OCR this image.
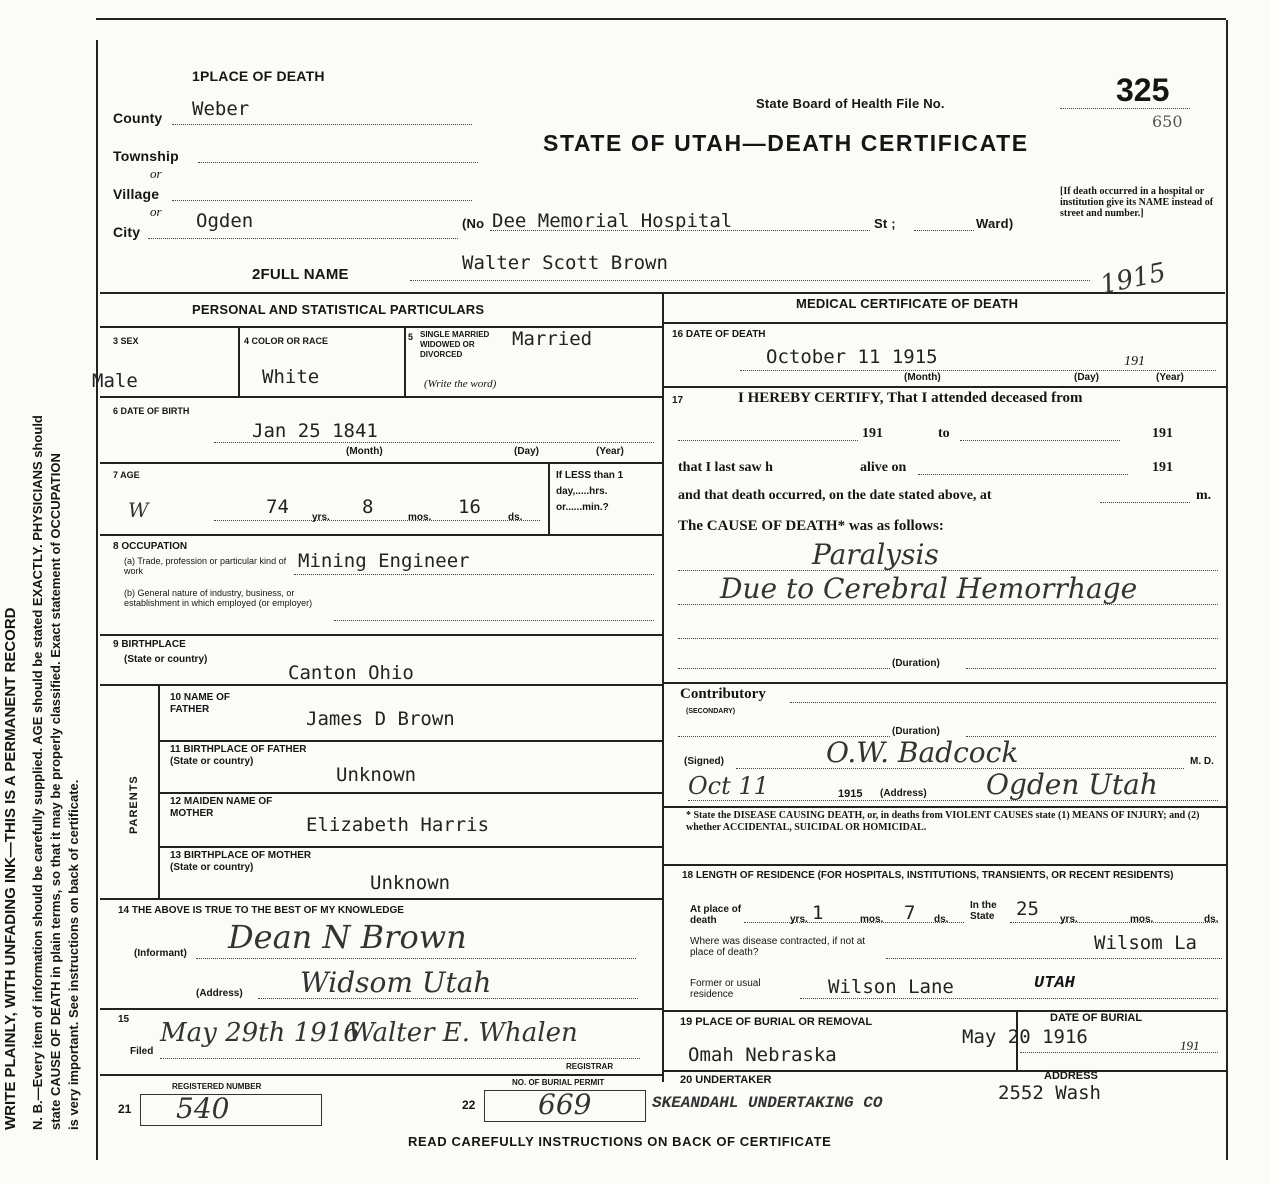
N. B.—Every item of information should be carefully supplied. AGE should be stated EXACTLY. PHYSICIANS should state CAUSE OF DEATH in plain terms, so that it may be properly classified. Exact statement of OCCUPATION is very important. See instructions on back of certificate.
WRITE PLAINLY, WITH UNFADING INK—THIS IS A PERMANENT RECORD
1PLACE OF DEATH
County Weber
Township
or
Village
or
City	Ogden	(No Dee Memorial Hospital	St ;	Ward)
State Board of Health File No.	325
650
STATE OF UTAH—DEATH CERTIFICATE
[If death occurred in a hospital or institution give its NAME instead of street and number.]
2FULL NAME
Walter Scott Brown	1915
PERSONAL AND STATISTICAL PARTICULARS
3 SEX
Male
4 COLOR OR RACE
White
5 SINGLE MARRIED WIDOWED OR DIVORCED
Married
(Write the word)
6 DATE OF BIRTH
Jan 25 1841
(Month)	(Day)	(Year)
7 AGE
W	74 yrs. 8	mos. 16	ds.
If LESS than 1 day,.....hrs. or......min.?
8 OCCUPATION
(a) Trade, profession or particular kind of work	Mining Engineer
(b) General nature of industry, business, or establishment in which employed (or employer)
9 BIRTHPLACE
(State or country)
Canton Ohio
PARENTS
10 NAME OF FATHER	James D Brown
11 BIRTHPLACE OF FATHER (State or country)
Unknown
12 MAIDEN NAME OF MOTHER
Elizabeth Harris
13 BIRTHPLACE OF MOTHER (State or country)
Unknown
14 THE ABOVE IS TRUE TO THE BEST OF MY KNOWLEDGE
(Informant) Dean N Brown
(Address) Widsom Utah
15
Filed
May 29th 1916
Walter E. Whalen
REGISTRAR
REGISTERED NUMBER
21 540
NO. OF BURIAL PERMIT
22 669
MEDICAL CERTIFICATE OF DEATH
16 DATE OF DEATH
October 11 1915	191
(Month)	(Day)	(Year)
17	I HEREBY CERTIFY, That I attended deceased from
191	to	191
that I last saw h	alive on	191
and that death occurred, on the date stated above, at	m.
The CAUSE OF DEATH* was as follows:
Paralysis
Due to Cerebral Hemorrhage
(Duration)
Contributory
(SECONDARY)
(Duration)
(Signed)	O.W. Badcock	M. D.
Oct 11	1915 (Address) Ogden Utah
* State the DISEASE CAUSING DEATH, or, in deaths from VIOLENT CAUSES state (1) MEANS OF INJURY; and (2) whether ACCIDENTAL, SUICIDAL OR HOMICIDAL.
18 LENGTH OF RESIDENCE (FOR HOSPITALS, INSTITUTIONS, TRANSIENTS, OR RECENT RESIDENTS)
At place of death	1
yrs.	mos. 7 ds.
In the State	25 yrs.	mos.	ds.
Where was disease contracted, if not at place of death?	Wilsom La
Former or usual residence	Wilson Lane	UTAH
19 PLACE OF BURIAL OR REMOVAL
Omah Nebraska
DATE OF BURIAL
May 20 1916	191
20 UNDERTAKER
SKEANDAHL UNDERTAKING CO
ADDRESS
2552 Wash
READ CAREFULLY INSTRUCTIONS ON BACK OF CERTIFICATE
